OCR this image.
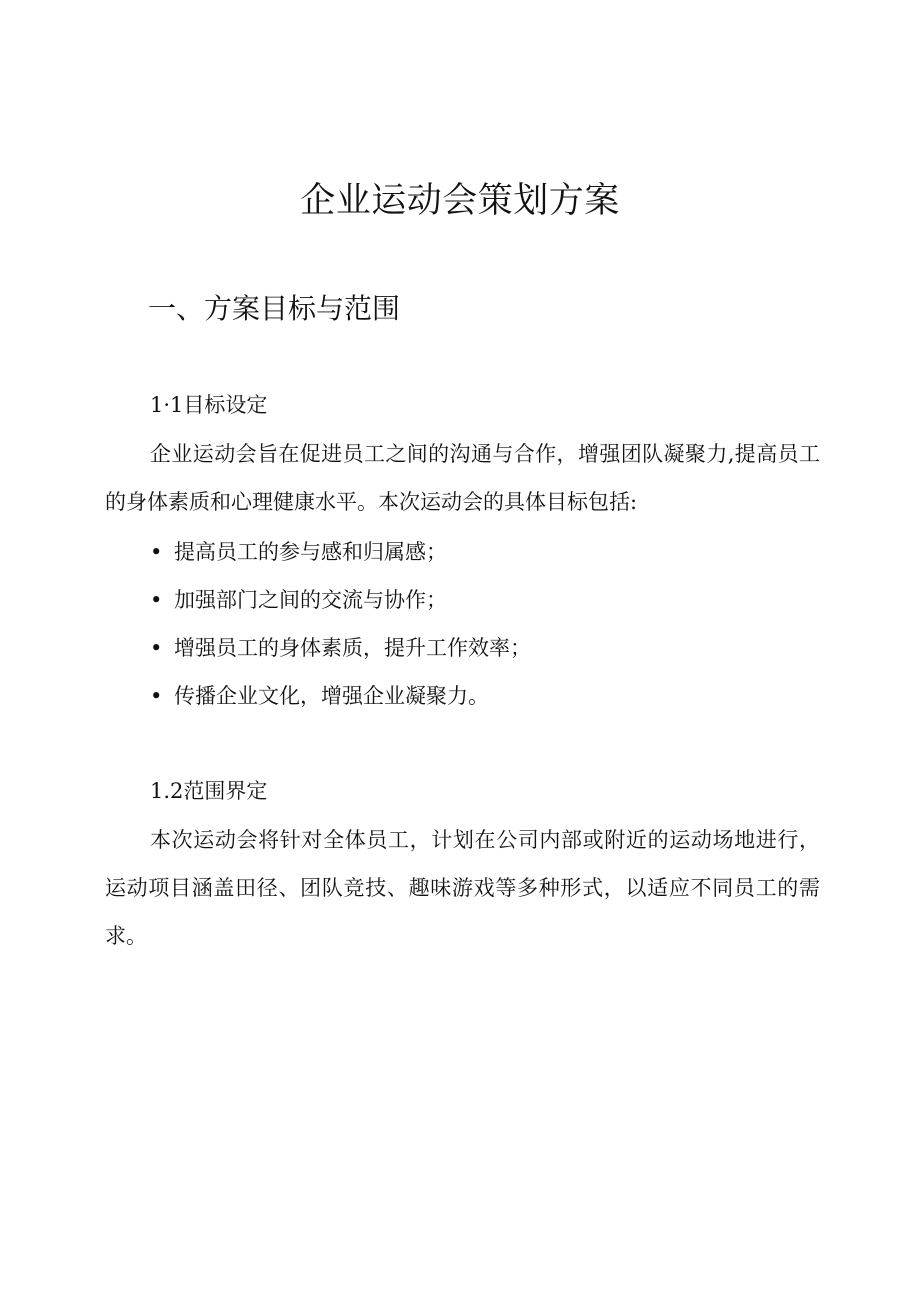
企业运动会策划方案
一、方案目标与范围
1·1目标设定

企业运动会旨在促进员工之间的沟通与合作，增强团队凝聚力,提高员工的身体素质和心理健康水平。本次运动会的具体目标包括:

• 提高员工的参与感和归属感；
• 加强部门之间的交流与协作；
• 增强员工的身体素质，提升工作效率；
• 传播企业文化，增强企业凝聚力。
1.2范围界定

本次运动会将针对全体员工，计划在公司内部或附近的运动场地进行，运动项目涵盖田径、团队竞技、趣味游戏等多种形式，以适应不同员工的需求。
